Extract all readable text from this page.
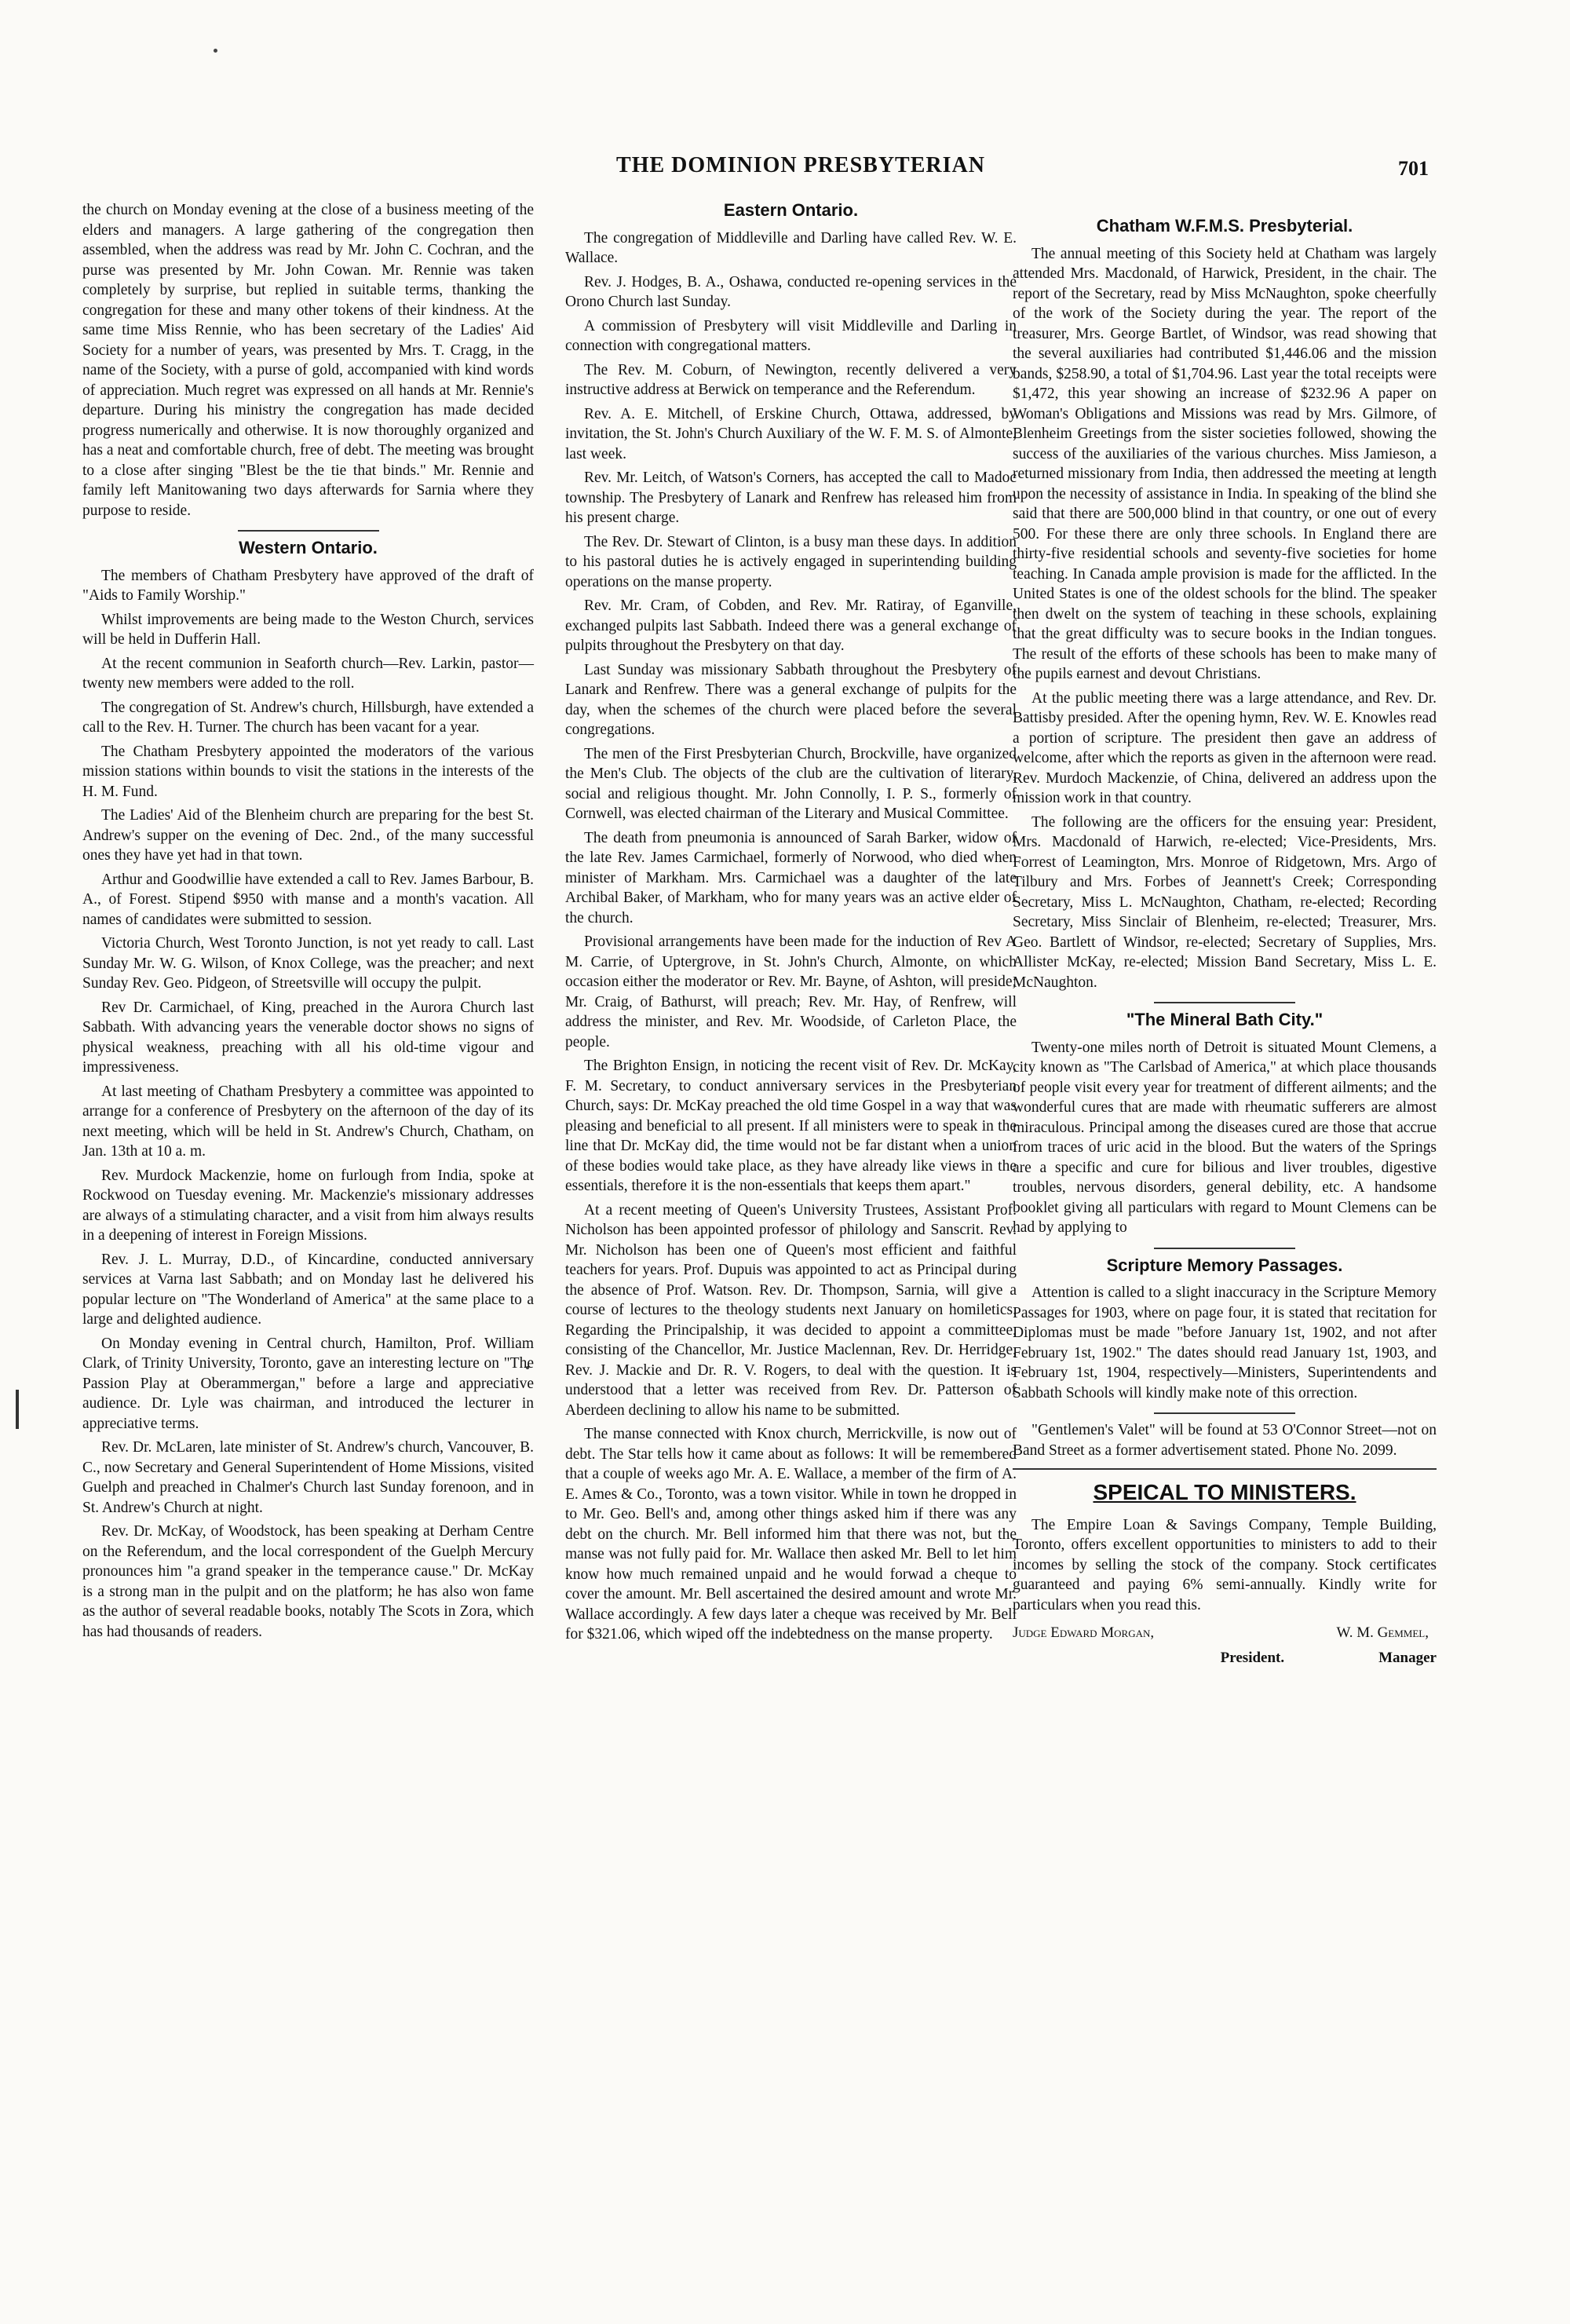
THE DOMINION PRESBYTERIAN	701

the church on Monday evening at the close of a business meeting of the elders and managers. A large gathering of the congregation then assembled, when the address was read by Mr. John C. Cochran, and the purse was presented by Mr. John Cowan. Mr. Rennie was taken completely by surprise, but replied in suitable terms, thanking the congregation for these and many other tokens of their kindness. At the same time Miss Rennie, who has been secretary of the Ladies' Aid Society for a number of years, was presented by Mrs. T. Cragg, in the name of the Society, with a purse of gold, accompanied with kind words of appreciation. Much regret was expressed on all hands at Mr. Rennie's departure. During his ministry the congregation has made decided progress numerically and otherwise. It is now thoroughly organized and has a neat and comfortable church, free of debt. The meeting was brought to a close after singing "Blest be the tie that binds." Mr. Rennie and family left Manitowaning two days afterwards for Sarnia where they purpose to reside.

Western Ontario.

The members of Chatham Presbytery have approved of the draft of "Aids to Family Worship."

Whilst improvements are being made to the Weston Church, services will be held in Dufferin Hall.

At the recent communion in Seaforth church—Rev. Larkin, pastor—twenty new members were added to the roll.

The congregation of St. Andrew's church, Hillsburgh, have extended a call to the Rev. H. Turner. The church has been vacant for a year.

The Chatham Presbytery appointed the moderators of the various mission stations within bounds to visit the stations in the interests of the H. M. Fund.

The Ladies' Aid of the Blenheim church are preparing for the best St. Andrew's supper on the evening of Dec. 2nd., of the many successful ones they have yet had in that town.

Arthur and Goodwillie have extended a call to Rev. James Barbour, B. A., of Forest. Stipend $950 with manse and a month's vacation. All names of candidates were submitted to session.

Victoria Church, West Toronto Junction, is not yet ready to call. Last Sunday Mr. W. G. Wilson, of Knox College, was the preacher; and next Sunday Rev. Geo. Pidgeon, of Streetsville will occupy the pulpit.

Rev Dr. Carmichael, of King, preached in the Aurora Church last Sabbath. With advancing years the venerable doctor shows no signs of physical weakness, preaching with all his old-time vigour and impressiveness.

At last meeting of Chatham Presbytery a committee was appointed to arrange for a conference of Presbytery on the afternoon of the day of its next meeting, which will be held in St. Andrew's Church, Chatham, on Jan. 13th at 10 a. m.

Rev. Murdock Mackenzie, home on furlough from India, spoke at Rockwood on Tuesday evening. Mr. Mackenzie's missionary addresses are always of a stimulating character, and a visit from him always results in a deepening of interest in Foreign Missions.

Rev. J. L. Murray, D.D., of Kincardine, conducted anniversary services at Varna last Sabbath; and on Monday last he delivered his popular lecture on "The Wonderland of America" at the same place to a large and delighted audience.

On Monday evening in Central church, Hamilton, Prof. William Clark, of Trinity University, Toronto, gave an interesting lecture on "The Passion Play at Oberammergan," before a large and appreciative audience. Dr. Lyle was chairman, and introduced the lecturer in appreciative terms.

Rev. Dr. McLaren, late minister of St. Andrew's church, Vancouver, B. C., now Secretary and General Superintendent of Home Missions, visited Guelph and preached in Chalmer's Church last Sunday forenoon, and in St. Andrew's Church at night.

Rev. Dr. McKay, of Woodstock, has been speaking at Derham Centre on the Referendum, and the local correspondent of the Guelph Mercury pronounces him "a grand speaker in the temperance cause." Dr. McKay is a strong man in the pulpit and on the platform; he has also won fame as the author of several readable books, notably The Scots in Zora, which has had thousands of readers.

Eastern Ontario.

The congregation of Middleville and Darling have called Rev. W. E. Wallace.

Rev. J. Hodges, B. A., Oshawa, conducted re-opening services in the Orono Church last Sunday.

A commission of Presbytery will visit Middleville and Darling in connection with congregational matters.

The Rev. M. Coburn, of Newington, recently delivered a very instructive address at Berwick on temperance and the Referendum.

Rev. A. E. Mitchell, of Erskine Church, Ottawa, addressed, by invitation, the St. John's Church Auxiliary of the W. F. M. S. of Almonte, last week.

Rev. Mr. Leitch, of Watson's Corners, has accepted the call to Madoc township. The Presbytery of Lanark and Renfrew has released him from his present charge.

The Rev. Dr. Stewart of Clinton, is a busy man these days. In addition to his pastoral duties he is actively engaged in superintending building operations on the manse property.

Rev. Mr. Cram, of Cobden, and Rev. Mr. Ratiray, of Eganville, exchanged pulpits last Sabbath. Indeed there was a general exchange of pulpits throughout the Presbytery on that day.

Last Sunday was missionary Sabbath throughout the Presbytery of Lanark and Renfrew. There was a general exchange of pulpits for the day, when the schemes of the church were placed before the several congregations.

The men of the First Presbyterian Church, Brockville, have organized the Men's Club. The objects of the club are the cultivation of literary, social and religious thought. Mr. John Connolly, I. P. S., formerly of Cornwell, was elected chairman of the Literary and Musical Committee.

The death from pneumonia is announced of Sarah Barker, widow of the late Rev. James Carmichael, formerly of Norwood, who died when minister of Markham. Mrs. Carmichael was a daughter of the late Archibal Baker, of Markham, who for many years was an active elder of the church.

Provisional arrangements have been made for the induction of Rev A M. Carrie, of Uptergrove, in St. John's Church, Almonte, on which occasion either the moderator or Rev. Mr. Bayne, of Ashton, will preside; Mr. Craig, of Bathurst, will preach; Rev. Mr. Hay, of Renfrew, will address the minister, and Rev. Mr. Woodside, of Carleton Place, the people.

The Brighton Ensign, in noticing the recent visit of Rev. Dr. McKay, F. M. Secretary, to conduct anniversary services in the Presbyterian Church, says: Dr. McKay preached the old time Gospel in a way that was pleasing and beneficial to all present. If all ministers were to speak in the line that Dr. McKay did, the time would not be far distant when a union of these bodies would take place, as they have already like views in the essentials, therefore it is the non-essentials that keeps them apart."

At a recent meeting of Queen's University Trustees, Assistant Prof. Nicholson has been appointed professor of philology and Sanscrit. Rev. Mr. Nicholson has been one of Queen's most efficient and faithful teachers for years. Prof. Dupuis was appointed to act as Principal during the absence of Prof. Watson. Rev. Dr. Thompson, Sarnia, will give a course of lectures to the theology students next January on homiletics. Regarding the Principalship, it was decided to appoint a committee, consisting of the Chancellor, Mr. Justice Maclennan, Rev. Dr. Herridge, Rev. J. Mackie and Dr. R. V. Rogers, to deal with the question. It is understood that a letter was received from Rev. Dr. Patterson of Aberdeen declining to allow his name to be submitted.

The manse connected with Knox church, Merrickville, is now out of debt. The Star tells how it came about as follows: It will be remembered that a couple of weeks ago Mr. A. E. Wallace, a member of the firm of A. E. Ames & Co., Toronto, was a town visitor. While in town he dropped in to Mr. Geo. Bell's and, among other things asked him if there was any debt on the church. Mr. Bell informed him that there was not, but the manse was not fully paid for. Mr. Wallace then asked Mr. Bell to let him know how much remained unpaid and he would forwad a cheque to cover the amount. Mr. Bell ascertained the desired amount and wrote Mr. Wallace accordingly. A few days later a cheque was received by Mr. Bell for $321.06, which wiped off the indebtedness on the manse property.

Chatham W.F.M.S. Presbyterial.

The annual meeting of this Society held at Chatham was largely attended Mrs. Macdonald, of Harwick, President, in the chair. The report of the Secretary, read by Miss McNaughton, spoke cheerfully of the work of the Society during the year. The report of the treasurer, Mrs. George Bartlet, of Windsor, was read showing that the several auxiliaries had contributed $1,446.06 and the mission bands, $258.90, a total of $1,704.96. Last year the total receipts were $1,472, this year showing an increase of $232.96 A paper on Woman's Obligations and Missions was read by Mrs. Gilmore, of Blenheim Greetings from the sister societies followed, showing the success of the auxiliaries of the various churches. Miss Jamieson, a returned missionary from India, then addressed the meeting at length upon the necessity of assistance in India. In speaking of the blind she said that there are 500,000 blind in that country, or one out of every 500. For these there are only three schools. In England there are thirty-five residential schools and seventy-five societies for home teaching. In Canada ample provision is made for the afflicted. In the United States is one of the oldest schools for the blind. The speaker then dwelt on the system of teaching in these schools, explaining that the great difficulty was to secure books in the Indian tongues. The result of the efforts of these schools has been to make many of the pupils earnest and devout Christians.

At the public meeting there was a large attendance, and Rev. Dr. Battisby presided. After the opening hymn, Rev. W. E. Knowles read a portion of scripture. The president then gave an address of welcome, after which the reports as given in the afternoon were read. Rev. Murdoch Mackenzie, of China, delivered an address upon the mission work in that country.

The following are the officers for the ensuing year: President, Mrs. Macdonald of Harwich, re-elected; Vice-Presidents, Mrs. Forrest of Leamington, Mrs. Monroe of Ridgetown, Mrs. Argo of Tilbury and Mrs. Forbes of Jeannett's Creek; Corresponding Secretary, Miss L. McNaughton, Chatham, re-elected; Recording Secretary, Miss Sinclair of Blenheim, re-elected; Treasurer, Mrs. Geo. Bartlett of Windsor, re-elected; Secretary of Supplies, Mrs. Allister McKay, re-elected; Mission Band Secretary, Miss L. E. McNaughton.

"The Mineral Bath City."

Twenty-one miles north of Detroit is situated Mount Clemens, a city known as "The Carlsbad of America," at which place thousands of people visit every year for treatment of different ailments; and the wonderful cures that are made with rheumatic sufferers are almost miraculous. Principal among the diseases cured are those that accrue from traces of uric acid in the blood. But the waters of the Springs are a specific and cure for bilious and liver troubles, digestive troubles, nervous disorders, general debility, etc. A handsome booklet giving all particulars with regard to Mount Clemens can be had by applying to

Scripture Memory Passages.

Attention is called to a slight inaccuracy in the Scripture Memory Passages for 1903, where on page four, it is stated that recitation for Diplomas must be made "before January 1st, 1902, and not after February 1st, 1902." The dates should read January 1st, 1903, and February 1st, 1904, respectively—Ministers, Superintendents and Sabbath Schools will kindly make note of this orrection.

"Gentlemen's Valet" will be found at 53 O'Connor Street—not on Band Street as a former advertisement stated. Phone No. 2099.

SPEICAL TO MINISTERS.

The Empire Loan & Savings Company, Temple Building, Toronto, offers excellent opportunities to ministers to add to their incomes by selling the stock of the company. Stock certificates guaranteed and paying 6% semi-annually. Kindly write for particulars when you read this.

Judge Edward Morgan,	W. M. Gemmel,
President.	Manager
